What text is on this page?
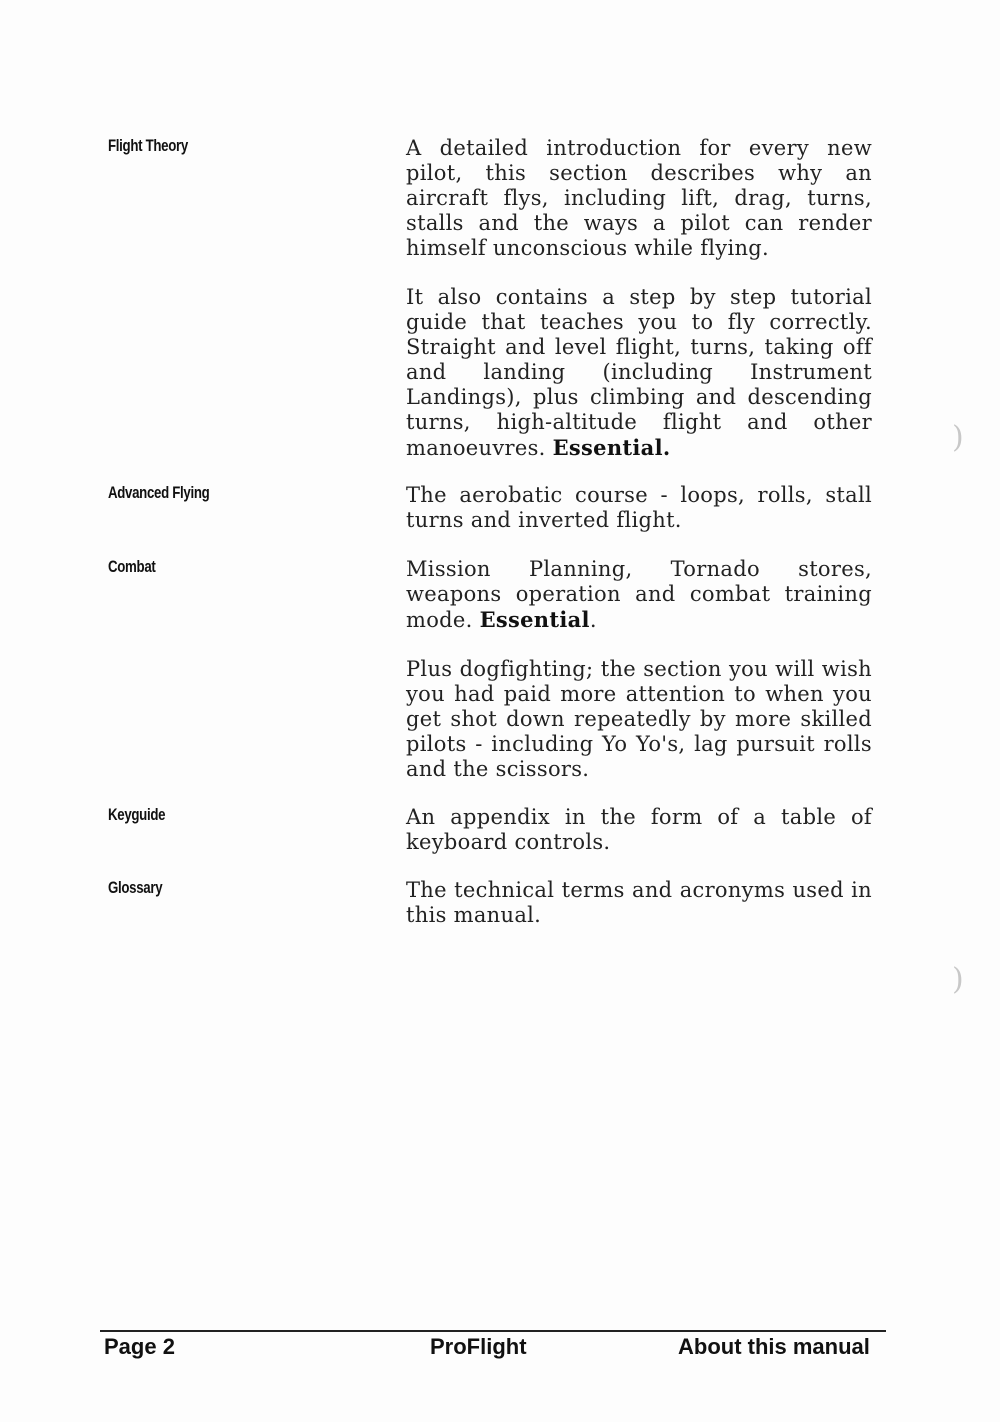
Flight Theory	A detailed introduction for every new pilot, this section describes why an aircraft flys, including lift, drag, turns, stalls and the ways a pilot can render himself unconscious while flying.

It also contains a step by step tutorial guide that teaches you to fly correctly. Straight and level flight, turns, taking off and landing (including Instrument Landings), plus climbing and descending turns, high-altitude flight and other manoeuvres. Essential.

Advanced Flying	The aerobatic course - loops, rolls, stall turns and inverted flight.

Combat	Mission Planning, Tornado stores, weapons operation and combat training mode. Essential.

Plus dogfighting; the section you will wish you had paid more attention to when you get shot down repeatedly by more skilled pilots - including Yo Yo's, lag pursuit rolls and the scissors.

Keyguide	An appendix in the form of a table of keyboard controls.

Glossary	The technical terms and acronyms used in this manual.

)
)
Page 2	ProFlight	About this manual
